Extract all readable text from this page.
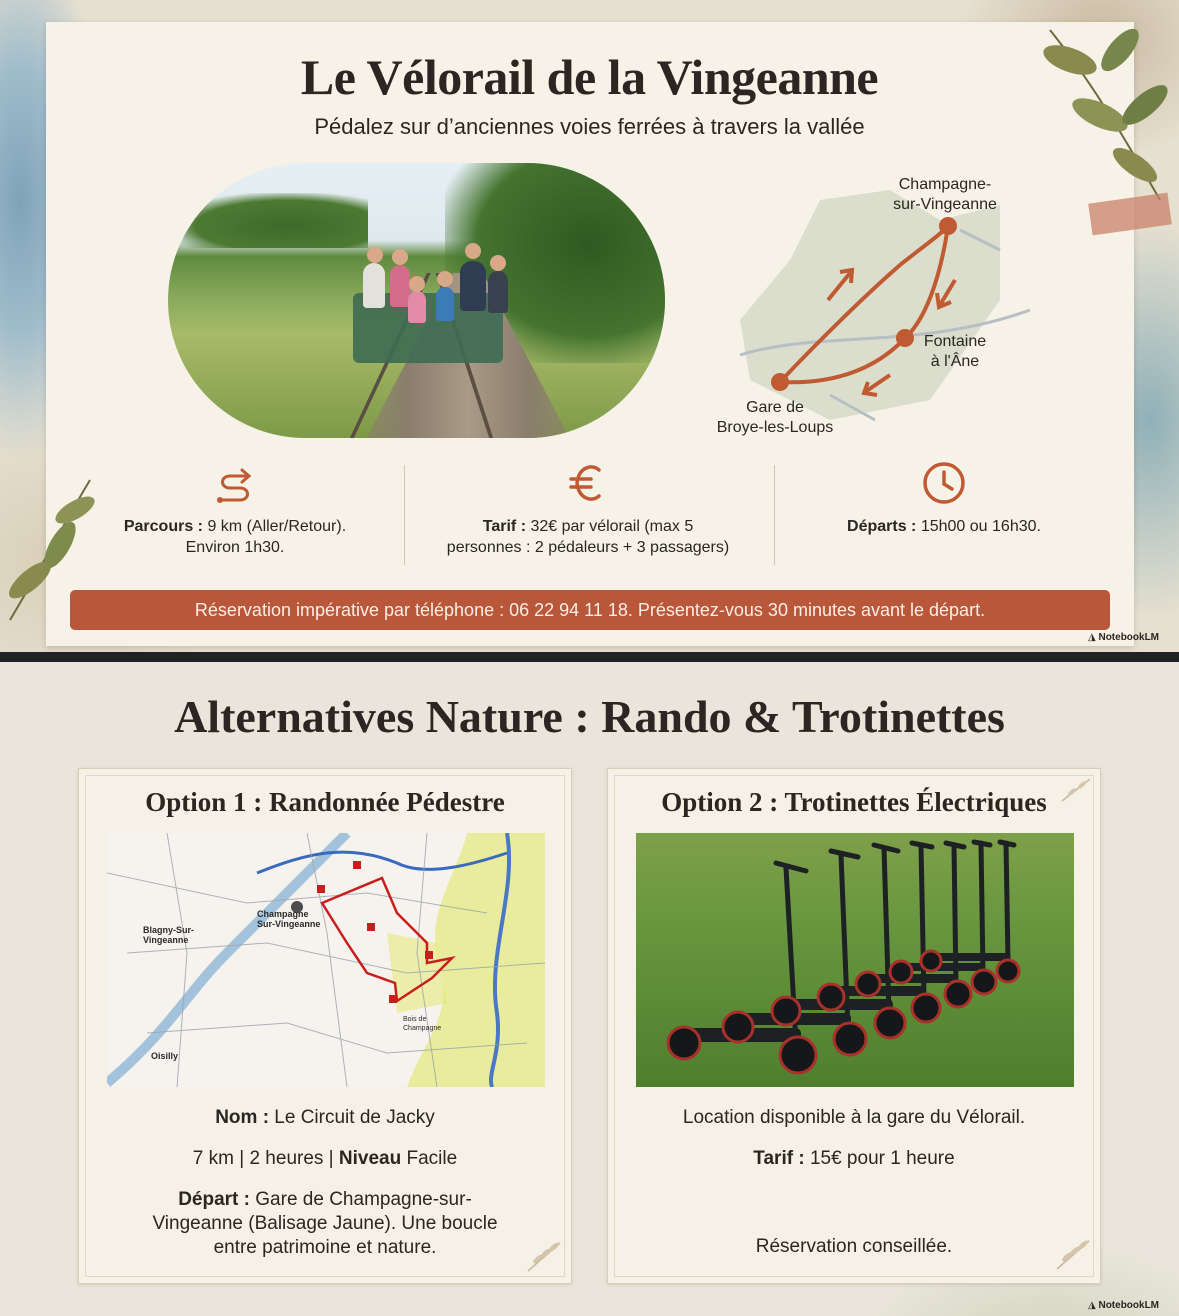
Le Vélorail de la Vingeanne
Pédalez sur d’anciennes voies ferrées à travers la vallée
Champagne-
sur-Vingeanne
Fontaine
à l'Âne
Gare de
Broye-les-Loups
Parcours : 9 km (Aller/Retour).
Environ 1h30.
Tarif : 32€ par vélorail (max 5
personnes : 2 pédaleurs + 3 passagers)
Départs : 15h00 ou 16h30.
Réservation impérative par téléphone : 06 22 94 11 18. Présentez-vous 30 minutes avant le départ.
◮ NotebookLM
Alternatives Nature : Rando & Trotinettes
Option 1 : Randonnée Pédestre
Champagne
Sur-Vingeanne
Blagny-Sur-
Vingeanne
Oisilly
Bois de
Champagne
Nom : Le Circuit de Jacky
7 km | 2 heures | Niveau Facile
Départ : Gare de Champagne-sur-
Vingeanne (Balisage Jaune). Une boucle
entre patrimoine et nature.
Option 2 : Trotinettes Électriques
Location disponible à la gare du Vélorail.
Tarif : 15€ pour 1 heure
Réservation conseillée.
◮ NotebookLM
